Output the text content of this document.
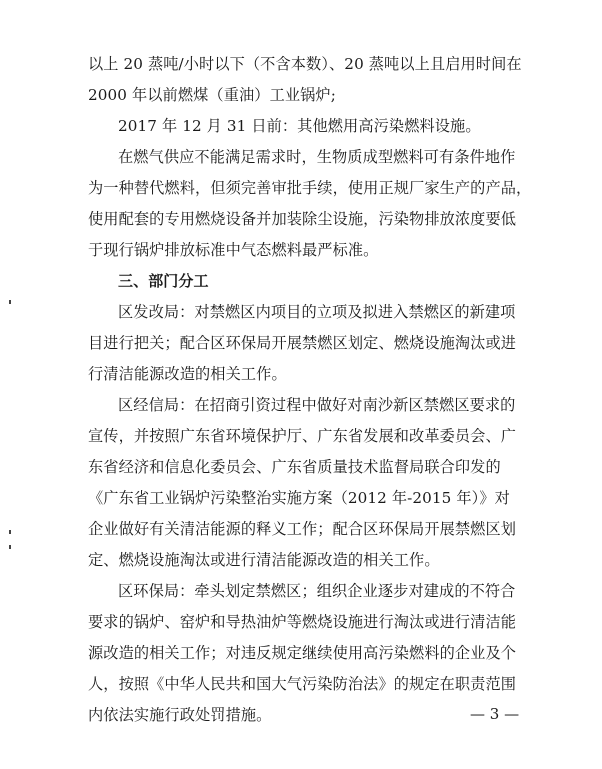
以上 20 蒸吨/小时以下（不含本数）、20 蒸吨以上且启用时间在
2000 年以前燃煤（重油）工业锅炉;
2017 年 12 月 31 日前：其他燃用高污染燃料设施。
在燃气供应不能满足需求时，生物质成型燃料可有条件地作
为一种替代燃料，但须完善审批手续，使用正规厂家生产的产品，
使用配套的专用燃烧设备并加装除尘设施，污染物排放浓度要低
于现行锅炉排放标准中气态燃料最严标准。
三、部门分工
区发改局：对禁燃区内项目的立项及拟进入禁燃区的新建项
目进行把关；配合区环保局开展禁燃区划定、燃烧设施淘汰或进
行清洁能源改造的相关工作。
区经信局：在招商引资过程中做好对南沙新区禁燃区要求的
宣传，并按照广东省环境保护厅、广东省发展和改革委员会、广
东省经济和信息化委员会、广东省质量技术监督局联合印发的
《广东省工业锅炉污染整治实施方案（2012 年-2015 年）》对
企业做好有关清洁能源的释义工作；配合区环保局开展禁燃区划
定、燃烧设施淘汰或进行清洁能源改造的相关工作。
区环保局：牵头划定禁燃区；组织企业逐步对建成的不符合
要求的锅炉、窑炉和导热油炉等燃烧设施进行淘汰或进行清洁能
源改造的相关工作；对违反规定继续使用高污染燃料的企业及个
人，按照《中华人民共和国大气污染防治法》的规定在职责范围
内依法实施行政处罚措施。	— 3 —
